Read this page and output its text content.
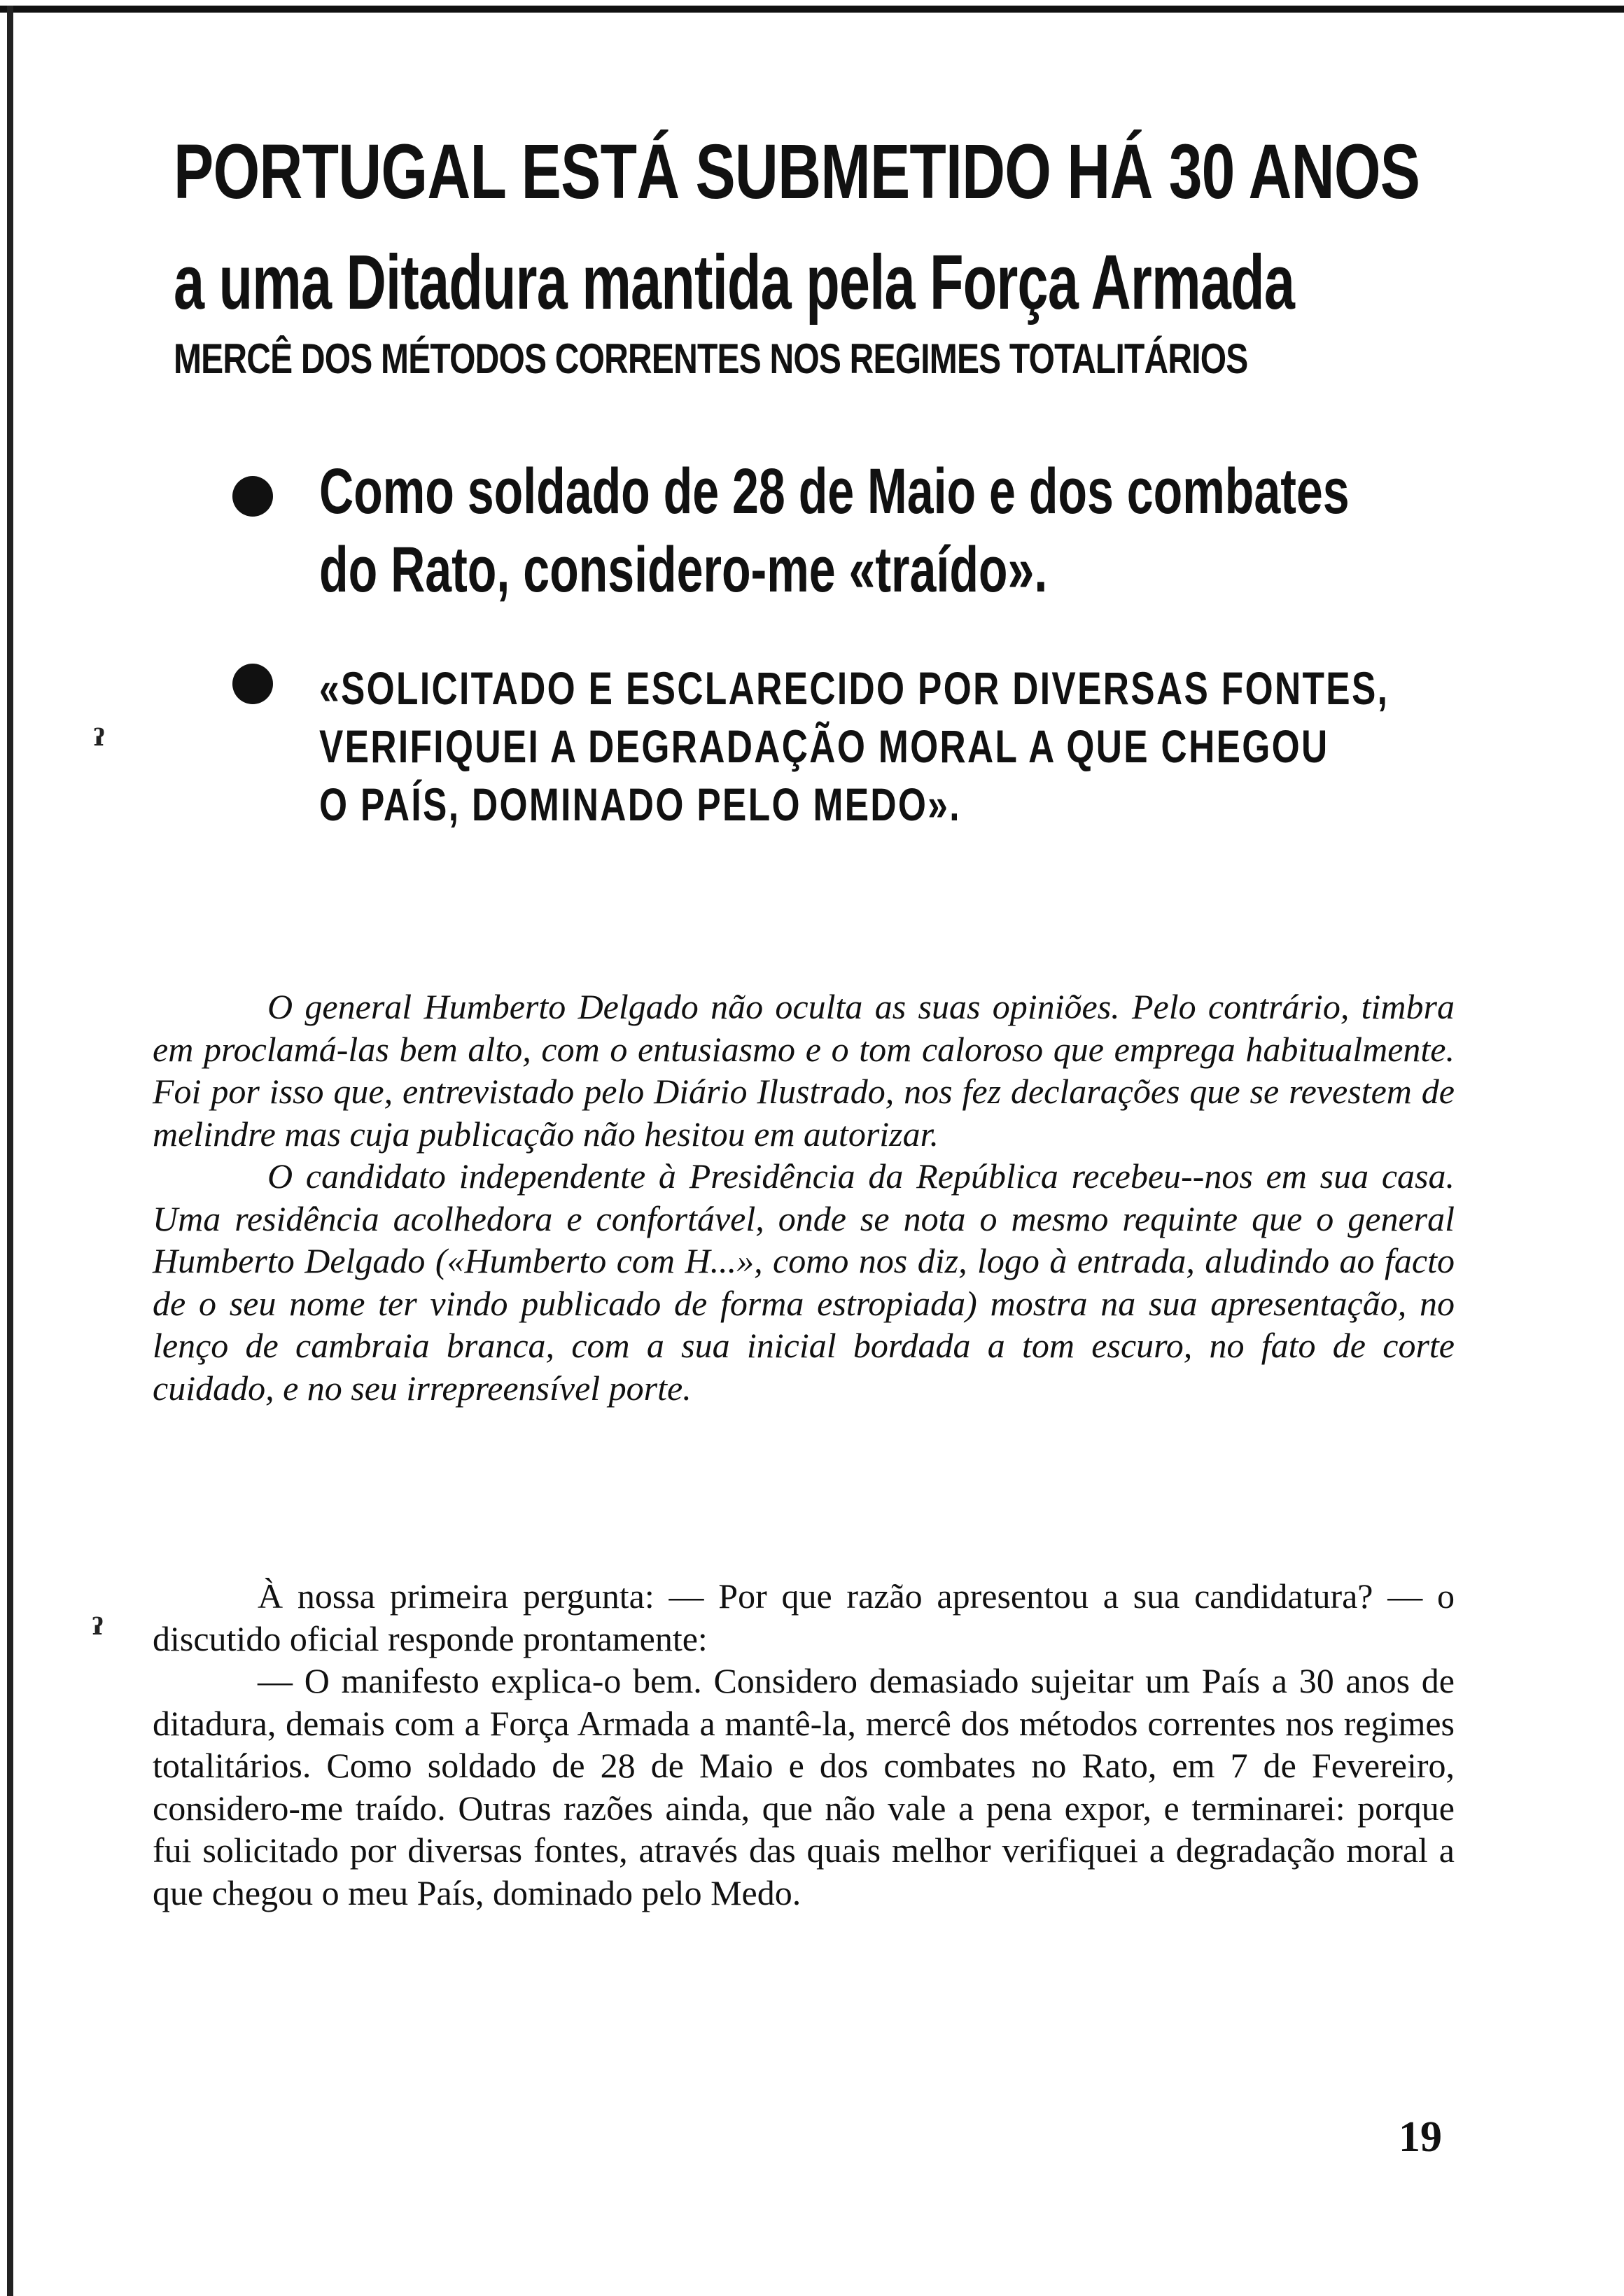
PORTUGAL ESTÁ SUBMETIDO HÁ 30 ANOS
a uma Ditadura mantida pela Força Armada
MERCÊ DOS MÉTODOS CORRENTES NOS REGIMES TOTALITÁRIOS
Como soldado de 28 de Maio e dos combates
do Rato, considero-me «traído».
«SOLICITADO E ESCLARECIDO POR DIVERSAS FONTES,
VERIFIQUEI A DEGRADAÇÃO MORAL A QUE CHEGOU
O PAÍS, DOMINADO PELO MEDO».
ˀ
ˀ

O general Humberto Delgado não oculta as suas opiniões. Pelo contrário, timbra em proclamá-las bem alto, com o entusiasmo e o tom caloroso que emprega habitualmente. Foi por isso que, entrevistado pelo Diário Ilustrado, nos fez declarações que se revestem de melindre mas cuja publicação não hesitou em autorizar.

O candidato independente à Presidência da República recebeu--nos em sua casa. Uma residência acolhedora e confortável, onde se nota o mesmo requinte que o general Humberto Delgado («Humberto com H...», como nos diz, logo à entrada, aludindo ao facto de o seu nome ter vindo publicado de forma estropiada) mostra na sua apresentação, no lenço de cambraia branca, com a sua inicial bordada a tom escuro, no fato de corte cuidado, e no seu irrepreensível porte.

À nossa primeira pergunta: — Por que razão apresentou a sua candidatura? — o discutido oficial responde prontamente:

— O manifesto explica-o bem. Considero demasiado sujeitar um País a 30 anos de ditadura, demais com a Força Armada a mantê-la, mercê dos métodos correntes nos regimes totalitários. Como soldado de 28 de Maio e dos combates no Rato, em 7 de Fevereiro, considero-me traído. Outras razões ainda, que não vale a pena expor, e terminarei: porque fui solicitado por diversas fontes, através das quais melhor verifiquei a degradação moral a que chegou o meu País, dominado pelo Medo.

19
